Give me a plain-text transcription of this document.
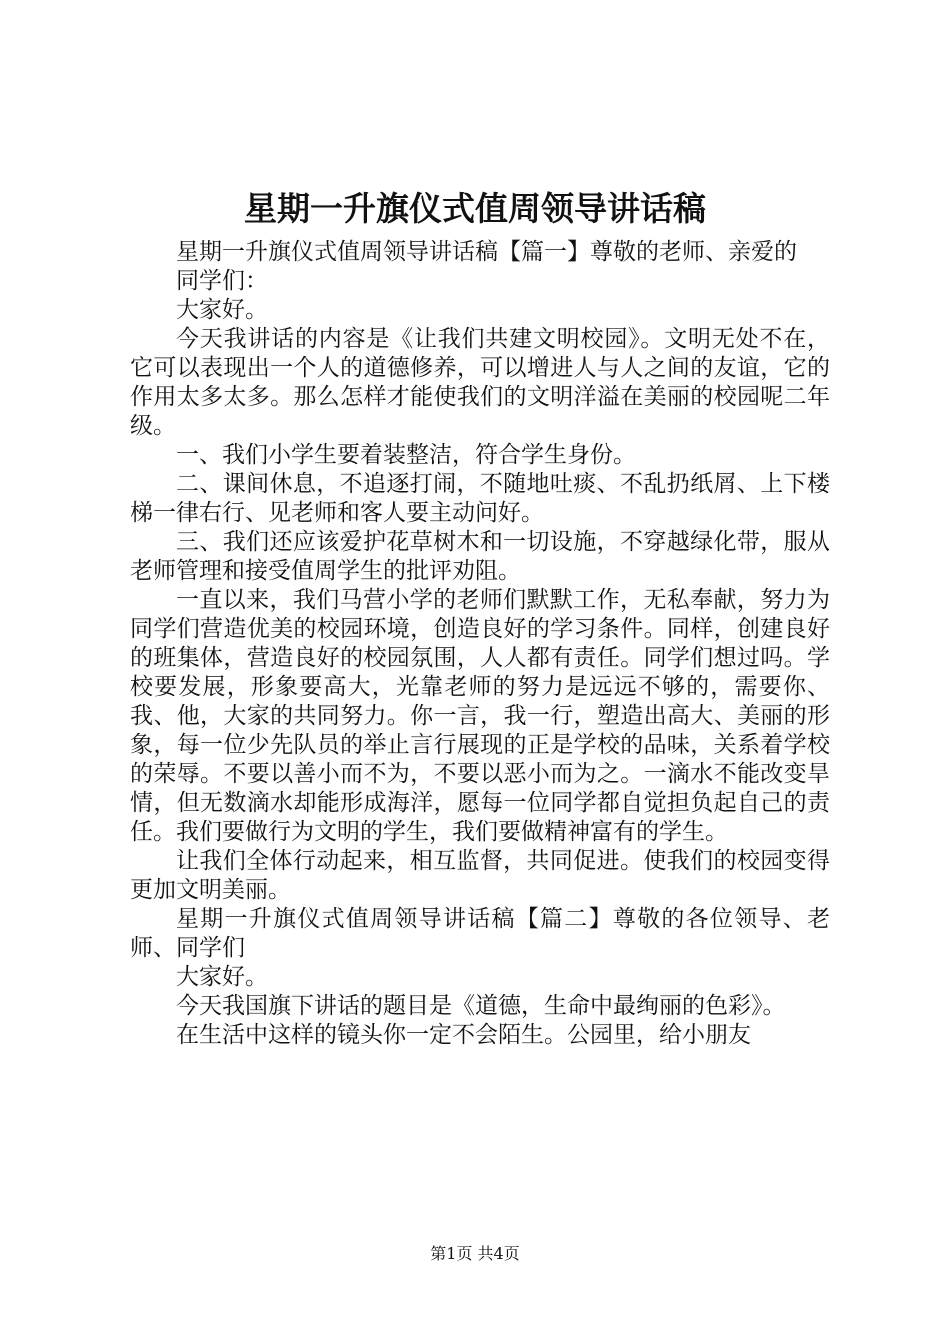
星期一升旗仪式值周领导讲话稿

星期一升旗仪式值周领导讲话稿【篇一】尊敬的老师、亲爱的

同学们：

大家好。

今天我讲话的内容是《让我们共建文明校园》。文明无处不在，它可以表现出一个人的道德修养，可以增进人与人之间的友谊，它的作用太多太多。那么怎样才能使我们的文明洋溢在美丽的校园呢二年级。

一、我们小学生要着装整洁，符合学生身份。

二、课间休息，不追逐打闹，不随地吐痰、不乱扔纸屑、上下楼梯一律右行、见老师和客人要主动问好。

三、我们还应该爱护花草树木和一切设施，不穿越绿化带，服从老师管理和接受值周学生的批评劝阻。

一直以来，我们马营小学的老师们默默工作，无私奉献，努力为同学们营造优美的校园环境，创造良好的学习条件。同样，创建良好的班集体，营造良好的校园氛围，人人都有责任。同学们想过吗。学校要发展，形象要高大，光靠老师的努力是远远不够的，需要你、我、他，大家的共同努力。你一言，我一行，塑造出高大、美丽的形象，每一位少先队员的举止言行展现的正是学校的品味，关系着学校的荣辱。不要以善小而不为，不要以恶小而为之。一滴水不能改变旱情，但无数滴水却能形成海洋，愿每一位同学都自觉担负起自己的责任。我们要做行为文明的学生，我们要做精神富有的学生。

让我们全体行动起来，相互监督，共同促进。使我们的校园变得更加文明美丽。

星期一升旗仪式值周领导讲话稿【篇二】尊敬的各位领导、老师、同学们

大家好。

今天我国旗下讲话的题目是《道德，生命中最绚丽的色彩》。

在生活中这样的镜头你一定不会陌生。公园里，给小朋友

第1页 共4页
